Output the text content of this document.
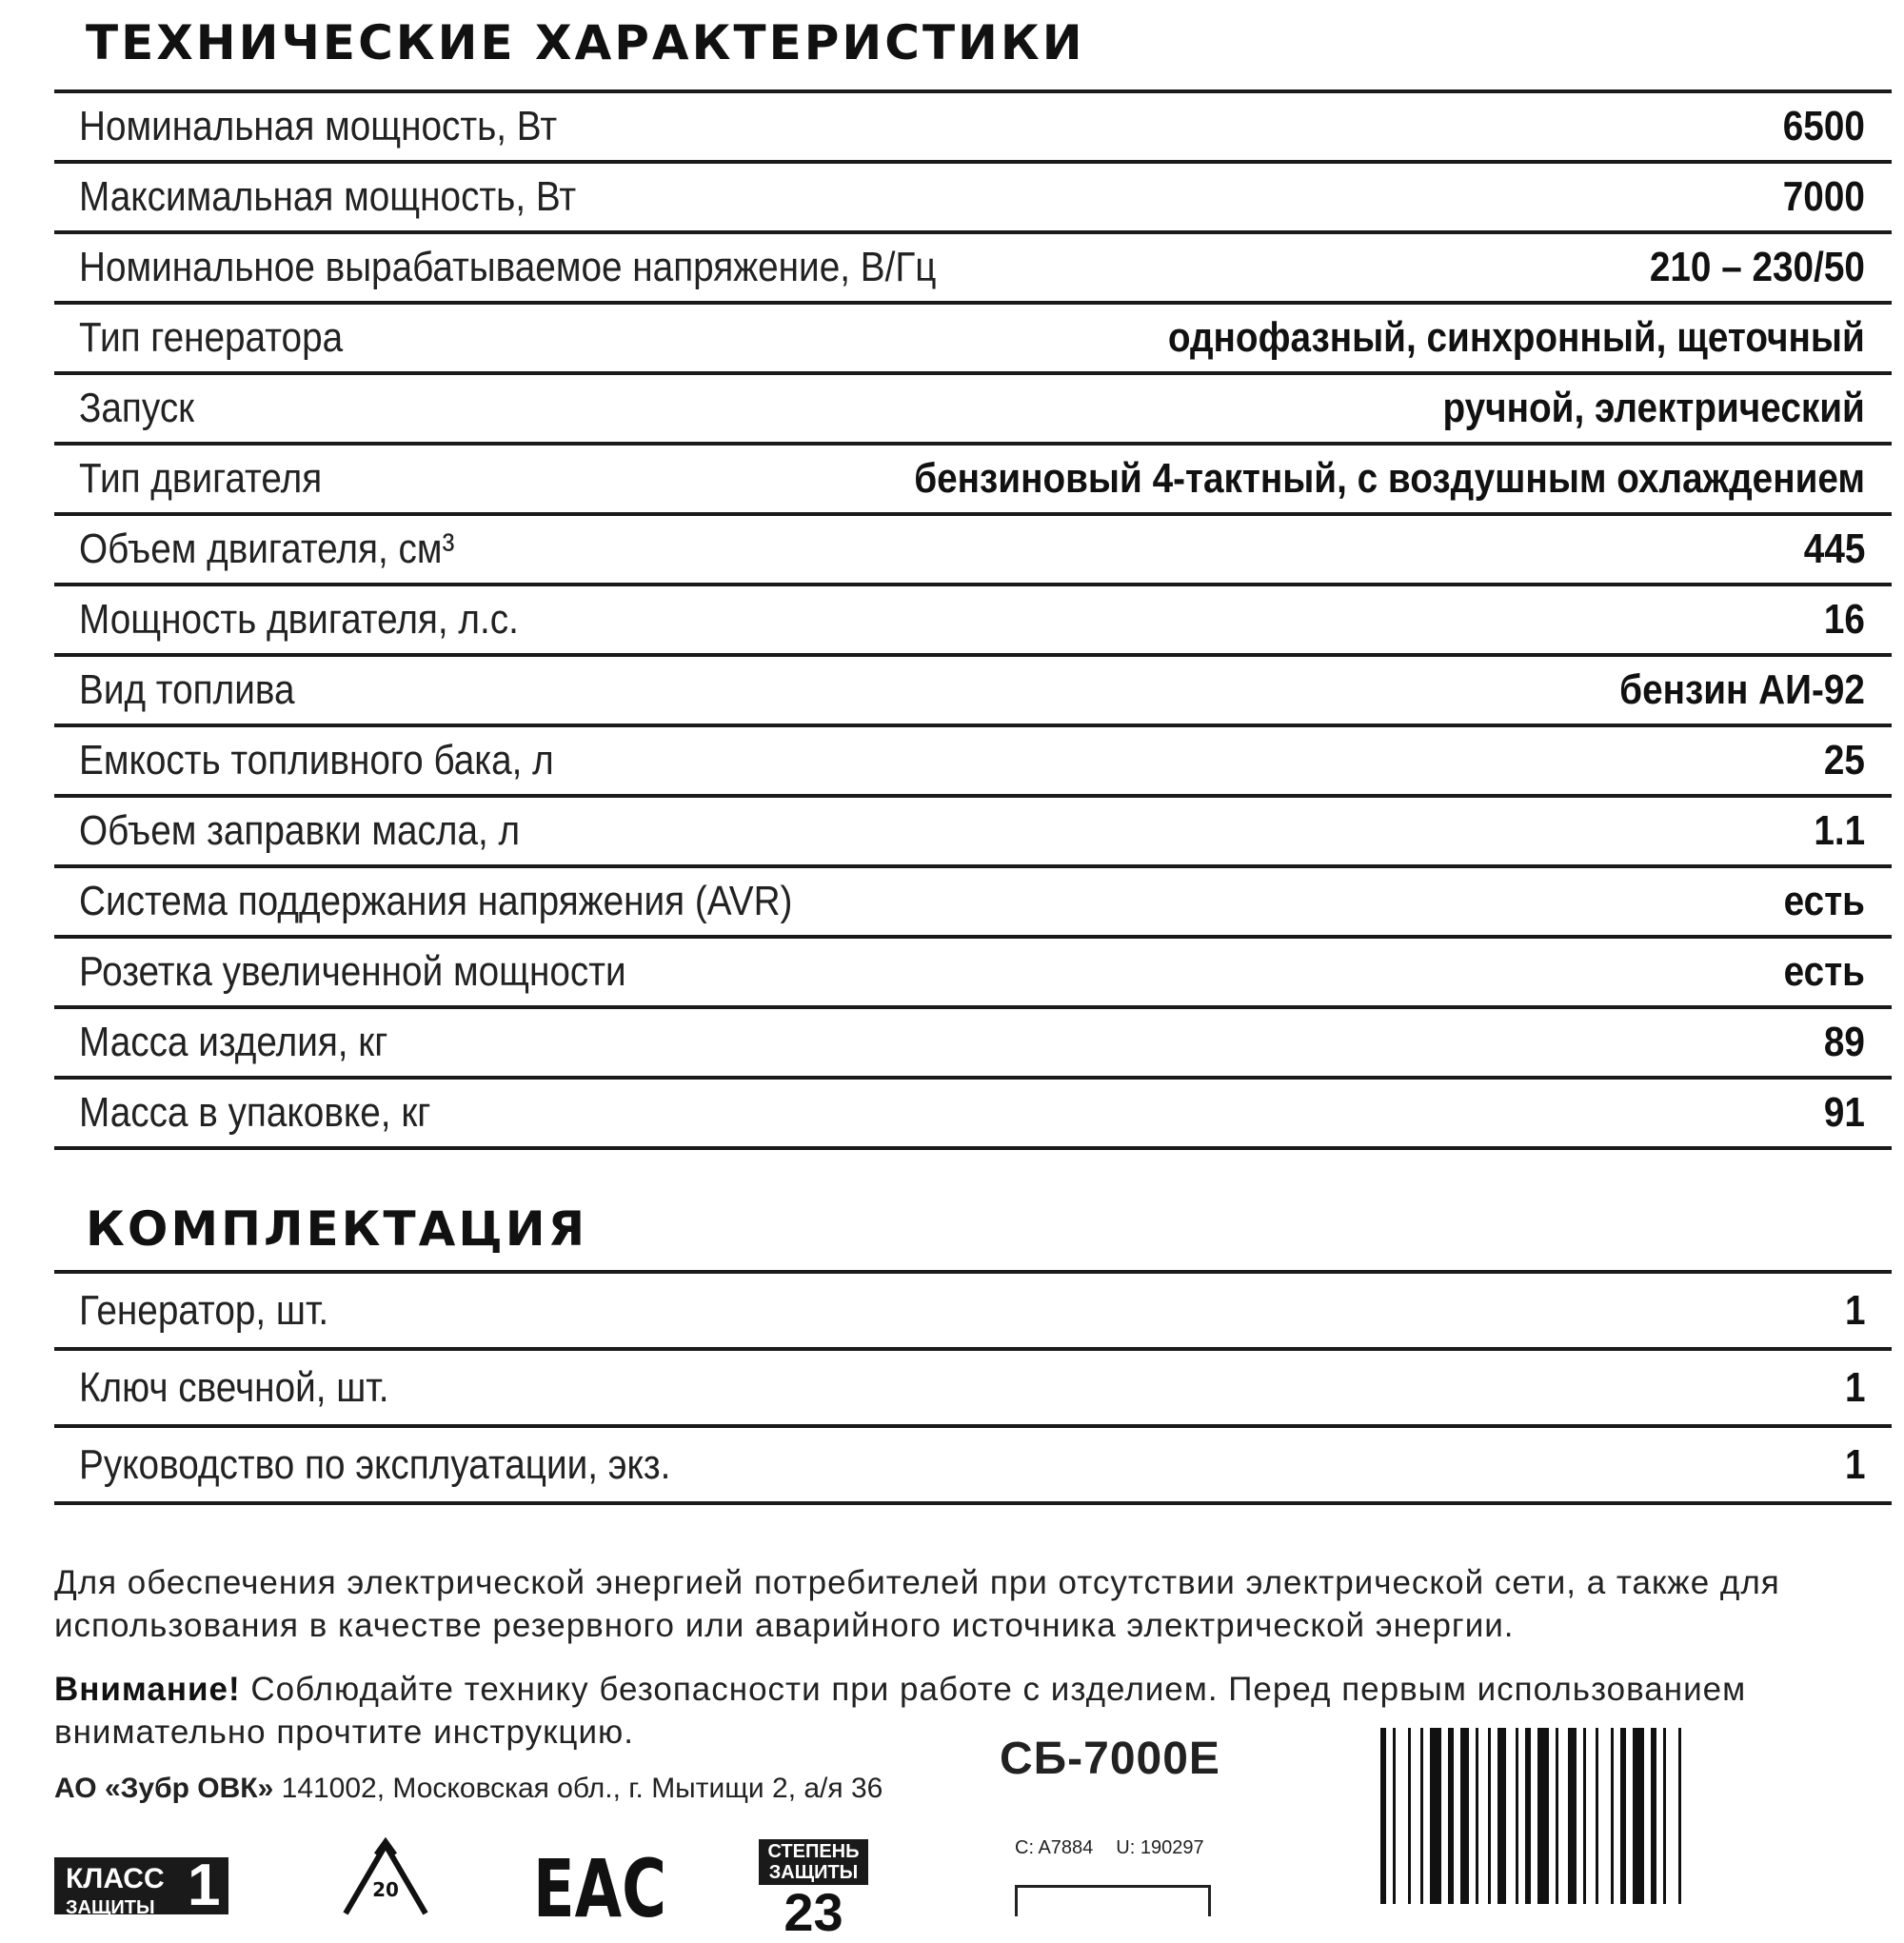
ТЕХНИЧЕСКИЕ ХАРАКТЕРИСТИКИ
Номинальная мощность, Вт	6500
Максимальная мощность, Вт	7000
Номинальное вырабатываемое напряжение, В/Гц	210 – 230/50
Тип генератора	однофазный, синхронный, щеточный
Запуск	ручной, электрический
Тип двигателя	бензиновый 4-тактный, с воздушным охлаждением
Объем двигателя, см³	445
Мощность двигателя, л.с.	16
Вид топлива	бензин АИ-92
Емкость топливного бака, л	25
Объем заправки масла, л	1.1
Система поддержания напряжения (AVR)	есть
Розетка увеличенной мощности	есть
Масса изделия, кг	89
Масса в упаковке, кг	91
КОМПЛЕКТАЦИЯ
Генератор, шт.	1
Ключ свечной, шт.	1
Руководство по эксплуатации, экз.	1

Для обеспечения электрической энергией потребителей при отсутствии электрической сети, а также для использования в качестве резервного или аварийного источника электрической энергии.

Внимание! Соблюдайте технику безопасности при работе с изделием. Перед первым использованием внимательно прочтите инструкцию.

АО «Зубр ОВК» 141002, Московская обл., г. Мытищи 2, а/я 36
СБ-7000Е
C: A7884 U: 190297
КЛАСС
ЗАЩИТЫ 1	20 EAC	СТЕПЕНЬ
ЗАЩИТЫ
23
